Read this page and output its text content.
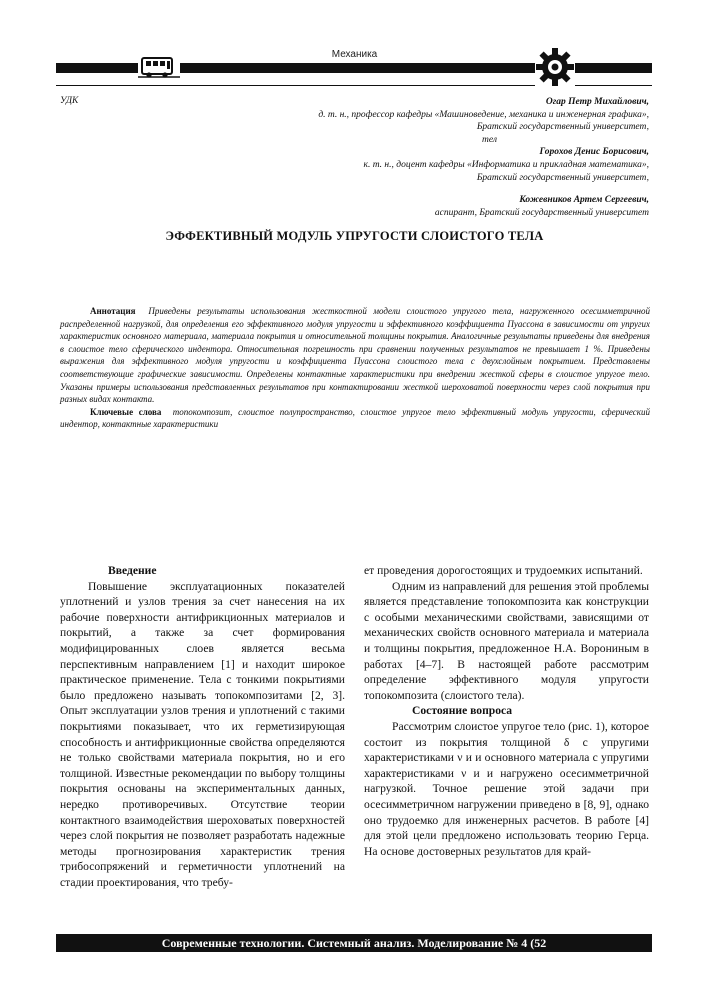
Механика
УДК	Огар Петр Михайлович,
д. т. н., профессор кафедры «Машиноведение, механика и инженерная графика»,
Братский государственный университет,
тел
Горохов Денис Борисович,
к. т. н., доцент кафедры «Информатика и прикладная математика»,
Братский государственный университет,
Кожевников Артем Сергеевич,
аспирант, Братский государственный университет
ЭФФЕКТИВНЫЙ МОДУЛЬ УПРУГОСТИ СЛОИСТОГО ТЕЛА

Аннотация Приведены результаты использования жесткостной модели слоистого упругого тела, нагруженного осесимметричной распределенной нагрузкой, для определения его эффективного модуля упругости и эффективного коэффициента Пуассона в зависимости от упругих характеристик основного материала, материала покрытия и относительной толщины покрытия. Аналогичные результаты приведены для внедрения в слоистое тело сферического индентора. Относительная погрешность при сравнении полученных результатов не превышает 1 %. Приведены выражения для эффективного модуля упругости и коэффициента Пуассона слоистого тела с двухслойным покрытием. Представлены соответствующие графические зависимости. Определены контактные характеристики при внедрении жесткой сферы в слоистое упругое тело. Указаны примеры использования представленных результатов при контактировании жесткой шероховатой поверхности через слой покрытия при разных видах контакта.

Ключевые слова топокомпозит, слоистое полупространство, слоистое упругое тело эффективный модуль упругости, сферический индентор, контактные характеристики

Введение

Повышение эксплуатационных показателей уплотнений и узлов трения за счет нанесения на их рабочие поверхности антифрикционных материалов и покрытий, а также за счет формирования модифицированных слоев является весьма перспективным направлением [1] и находит широкое практическое применение. Тела с тонкими покрытиями было предложено называть топокомпозитами [2, 3]. Опыт эксплуатации узлов трения и уплотнений с такими покрытиями показывает, что их герметизирующая способность и антифрикционные свойства определяются не только свойствами материала покрытия, но и его толщиной. Известные рекомендации по выбору толщины покрытия основаны на экспериментальных данных, нередко противоречивых. Отсутствие теории контактного взаимодействия шероховатых поверхностей через слой покрытия не позволяет разработать надежные методы прогнозирования характеристик трения трибосопряжений и герметичности уплотнений на стадии проектирования, что требу-

ет проведения дорогостоящих и трудоемких испытаний.

Одним из направлений для решения этой проблемы является представление топокомпозита как конструкции с особыми механическими свойствами, зависящими от механических свойств основного материала и материала и толщины покрытия, предложенное Н.А. Ворониным в работах [4–7]. В настоящей работе рассмотрим определение эффективного модуля упругости топокомпозита (слоистого тела).

Состояние вопроса

Рассмотрим слоистое упругое тело (рис. 1), которое состоит из покрытия толщиной δ с упругими характеристиками ν и и основного материала с упругими характеристиками ν и и нагружено осесимметричной нагрузкой. Точное решение этой задачи при осесимметричном нагружении приведено в [8, 9], однако оно трудоемко для инженерных расчетов. В работе [4] для этой цели предложено использовать теорию Герца. На основе достоверных результатов для край-

Современные технологии. Системный анализ. Моделирование № 4 (52
